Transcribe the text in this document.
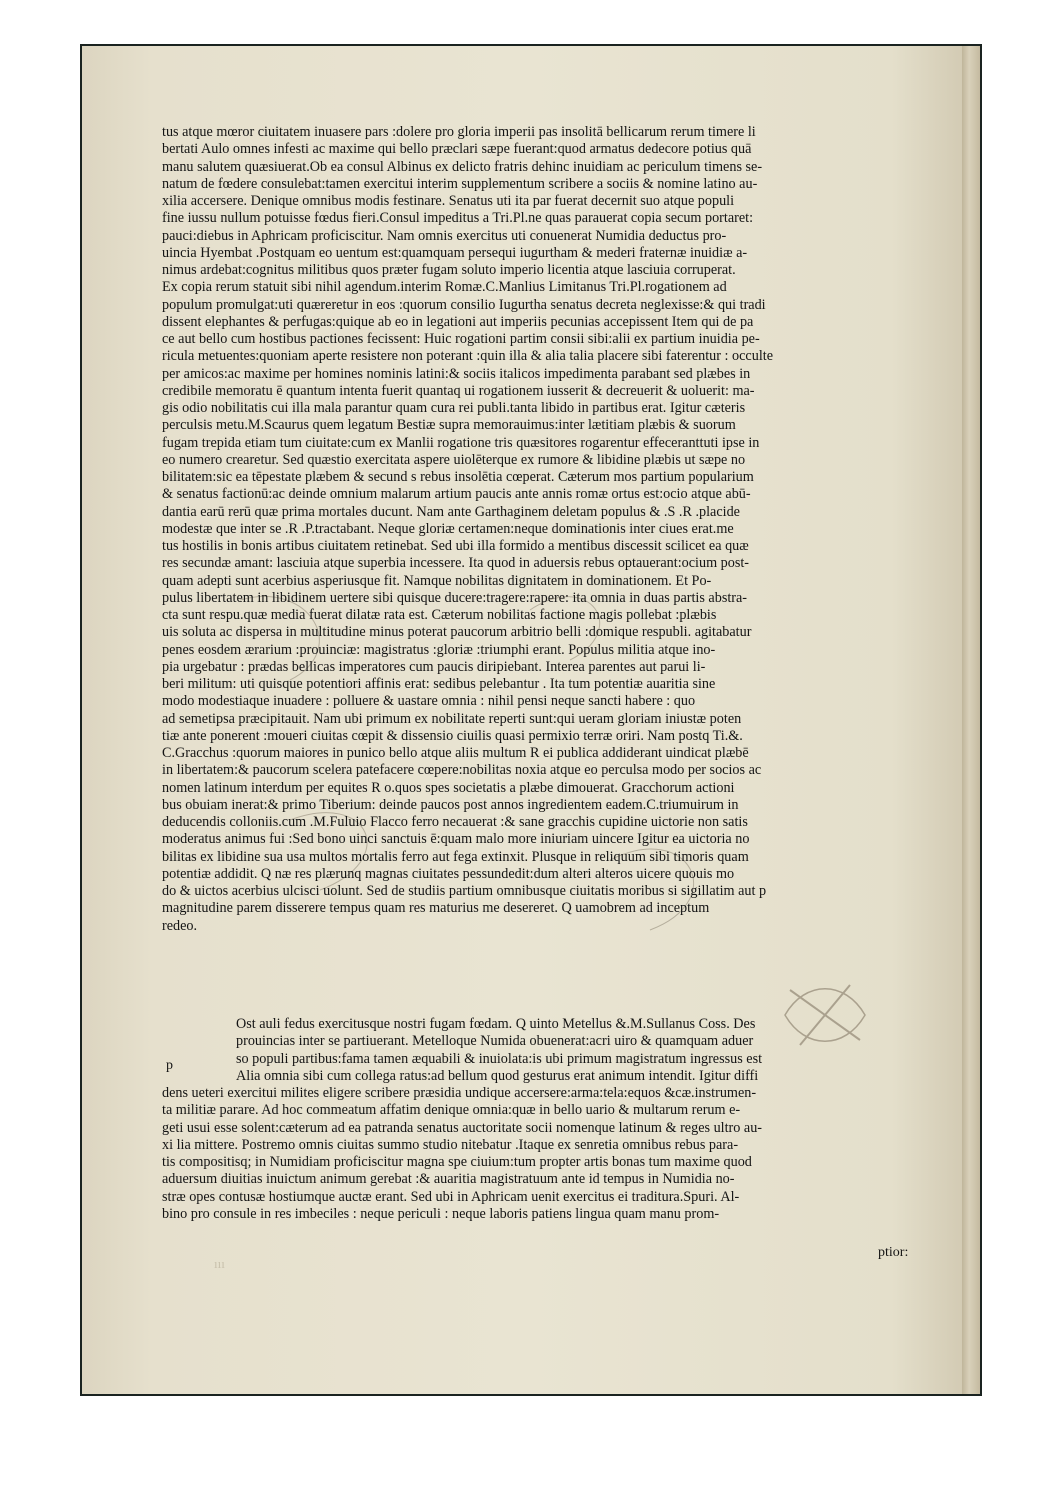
tus atque mœror ciuitatem inuasere pars :dolere pro gloria imperii pas insolitā bellicarum rerum timere li
bertati Aulo omnes infesti ac maxime qui bello præclari sæpe fuerant:quod armatus dedecore potius quā
manu salutem quæsiuerat.Ob ea consul Albinus ex delicto fratris dehinc inuidiam ac periculum timens se-
natum de fœdere consulebat:tamen exercitui interim supplementum scribere a sociis & nomine latino au-
xilia accersere. Denique omnibus modis festinare. Senatus uti ita par fuerat decernit suo atque populi
fine iussu nullum potuisse fœdus fieri.Consul impeditus a Tri.Pl.ne quas parauerat copia secum portaret:
pauci:diebus in Aphricam proficiscitur. Nam omnis exercitus uti conuenerat Numidia deductus pro-
uincia Hyembat .Postquam eo uentum est:quamquam persequi iugurtham & mederi fraternæ inuidiæ a-
nimus ardebat:cognitus militibus quos præter fugam soluto imperio licentia atque lasciuia corruperat.
Ex copia rerum statuit sibi nihil agendum.interim Romæ.C.Manlius Limitanus Tri.Pl.rogationem ad
populum promulgat:uti quæreretur in eos :quorum consilio Iugurtha senatus decreta neglexisse:& qui tradi
dissent elephantes & perfugas:quique ab eo in legationi aut imperiis pecunias accepissent Item qui de pa
ce aut bello cum hostibus pactiones fecissent: Huic rogationi partim consii sibi:alii ex partium inuidia pe-
ricula metuentes:quoniam aperte resistere non poterant :quin illa & alia talia placere sibi faterentur : occulte
per amicos:ac maxime per homines nominis latini:& sociis italicos impedimenta parabant sed plæbes in
credibile memoratu ē quantum intenta fuerit quantaq ui rogationem iusserit & decreuerit & uoluerit: ma-
gis odio nobilitatis cui illa mala parantur quam cura rei publi.tanta libido in partibus erat. Igitur cæteris
perculsis metu.M.Scaurus quem legatum Bestiæ supra memorauimus:inter lætitiam plæbis & suorum
fugam trepida etiam tum ciuitate:cum ex Manlii rogatione tris quæsitores rogarentur effeceranttuti ipse in
eo numero crearetur. Sed quæstio exercitata aspere uiolēterque ex rumore & libidine plæbis ut sæpe no
bilitatem:sic ea tēpestate plæbem & secund s rebus insolētia cœperat. Cæterum mos partium popularium
& senatus factionū:ac deinde omnium malarum artium paucis ante annis romæ ortus est:ocio atque abū-
dantia earū rerū quæ prima mortales ducunt. Nam ante Garthaginem deletam populus & .S .R .placide
modestæ que inter se .R .P.tractabant. Neque gloriæ certamen:neque dominationis inter ciues erat.me
tus hostilis in bonis artibus ciuitatem retinebat. Sed ubi illa formido a mentibus discessit scilicet ea quæ
res secundæ amant: lasciuia atque superbia incessere. Ita quod in aduersis rebus optauerant:ocium post-
quam adepti sunt acerbius asperiusque fit. Namque nobilitas dignitatem in dominationem. Et Po-
pulus libertatem in libidinem uertere sibi quisque ducere:tragere:rapere: ita omnia in duas partis abstra-
cta sunt respu.quæ media fuerat dilatæ rata est. Cæterum nobilitas factione magis pollebat :plæbis
uis soluta ac dispersa in multitudine minus poterat paucorum arbitrio belli :domique respubli. agitabatur
penes eosdem ærarium :prouinciæ: magistratus :gloriæ :triumphi erant. Populus militia atque ino-
pia urgebatur : prædas bellicas imperatores cum paucis diripiebant. Interea parentes aut parui li-
beri militum: uti quisque potentiori affinis erat: sedibus pelebantur . Ita tum potentiæ auaritia sine
modo modestiaque inuadere : polluere & uastare omnia : nihil pensi neque sancti habere : quo
ad semetipsa præcipitauit. Nam ubi primum ex nobilitate reperti sunt:qui ueram gloriam iniustæ poten
tiæ ante ponerent :moueri ciuitas cœpit & dissensio ciuilis quasi permixio terræ oriri. Nam postq Ti.&.
C.Gracchus :quorum maiores in punico bello atque aliis multum R ei publica addiderant uindicat plæbē
in libertatem:& paucorum scelera patefacere cœpere:nobilitas noxia atque eo perculsa modo per socios ac
nomen latinum interdum per equites R o.quos spes societatis a plæbe dimouerat. Gracchorum actioni
bus obuiam inerat:& primo Tiberium: deinde paucos post annos ingredientem eadem.C.triumuirum in
deducendis colloniis.cum .M.Fuluio Flacco ferro necauerat :& sane gracchis cupidine uictorie non satis
moderatus animus fui :Sed bono uinci sanctuis ē:quam malo more iniuriam uincere Igitur ea uictoria no
bilitas ex libidine sua usa multos mortalis ferro aut fega extinxit. Plusque in reliquum sibi timoris quam
potentiæ addidit. Q næ res plærunq magnas ciuitates pessundedit:dum alteri alteros uicere quouis mo
do & uictos acerbius ulcisci uolunt. Sed de studiis partium omnibusque ciuitatis moribus si sigillatim aut p
magnitudine parem disserere tempus quam res maturius me desereret. Q uamobrem ad inceptum
redeo.
p
Ost auli fedus exercitusque nostri fugam fœdam. Q uinto Metellus &.M.Sullanus Coss. Des
prouincias inter se partiuerant. Metelloque Numida obuenerat:acri uiro & quamquam aduer
so populi partibus:fama tamen æquabili & inuiolata:is ubi primum magistratum ingressus est
Alia omnia sibi cum collega ratus:ad bellum quod gesturus erat animum intendit. Igitur diffi
dens ueteri exercitui milites eligere scribere præsidia undique accersere:arma:tela:equos &cæ.instrumen-
ta militiæ parare. Ad hoc commeatum affatim denique omnia:quæ in bello uario & multarum rerum e-
geti usui esse solent:cæterum ad ea patranda senatus auctoritate socii nomenque latinum & reges ultro au-
xi lia mittere. Postremo omnis ciuitas summo studio nitebatur .Itaque ex senretia omnibus rebus para-
tis compositisq; in Numidiam proficiscitur magna spe ciuium:tum propter artis bonas tum maxime quod
aduersum diuitias inuictum animum gerebat :& auaritia magistratuum ante id tempus in Numidia no-
stræ opes contusæ hostiumque auctæ erant. Sed ubi in Aphricam uenit exercitus ei traditura.Spuri. Al-
bino pro consule in res imbeciles : neque periculi : neque laboris patiens lingua quam manu prom-
ııı
ptior:
